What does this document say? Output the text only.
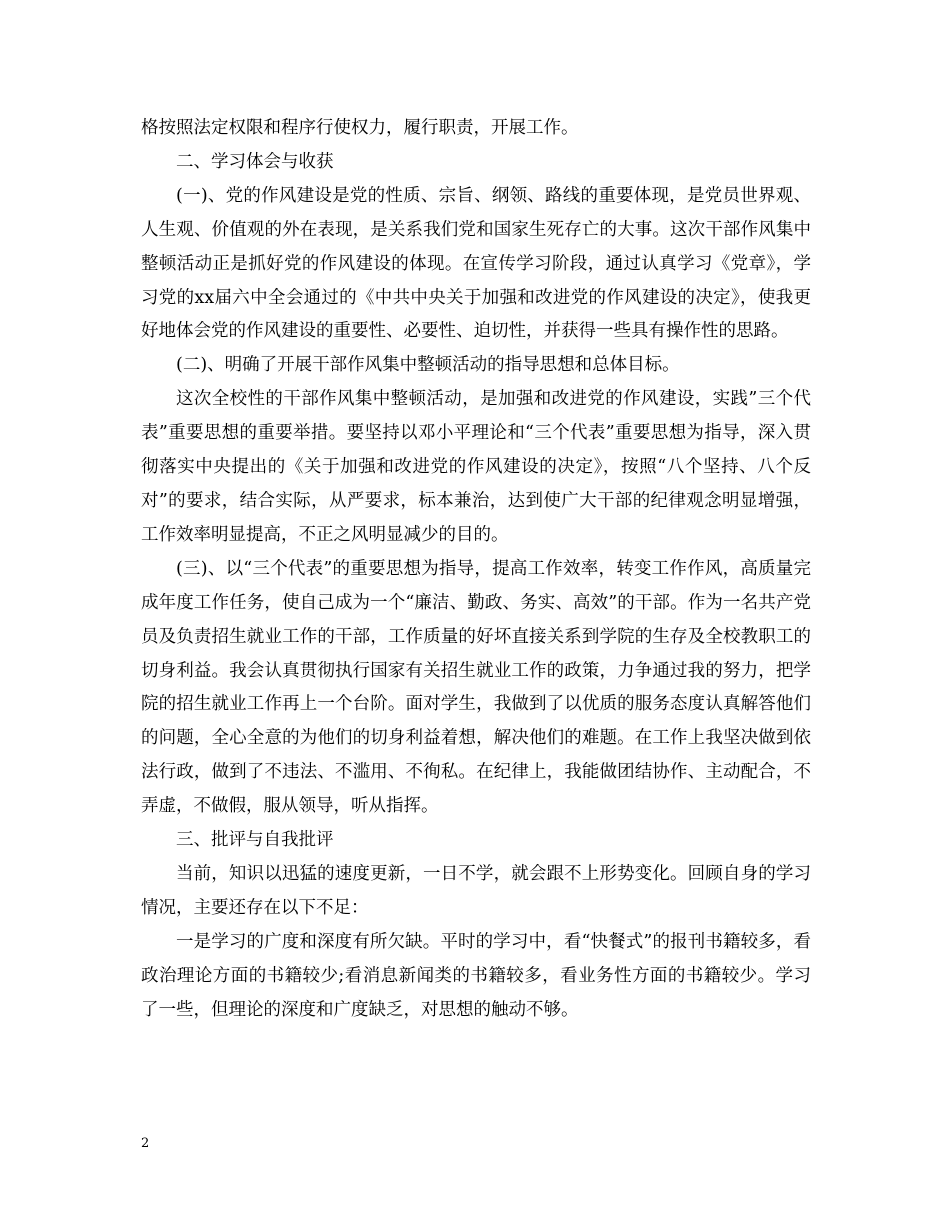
格按照法定权限和程序行使权力，履行职责，开展工作。

二、学习体会与收获

(一)、党的作风建设是党的性质、宗旨、纲领、路线的重要体现，是党员世界观、人生观、价值观的外在表现，是关系我们党和国家生死存亡的大事。这次干部作风集中整顿活动正是抓好党的作风建设的体现。在宣传学习阶段，通过认真学习《党章》，学习党的xx届六中全会通过的《中共中央关于加强和改进党的作风建设的决定》，使我更好地体会党的作风建设的重要性、必要性、迫切性，并获得一些具有操作性的思路。

(二)、明确了开展干部作风集中整顿活动的指导思想和总体目标。

这次全校性的干部作风集中整顿活动，是加强和改进党的作风建设，实践”三个代表”重要思想的重要举措。要坚持以邓小平理论和“三个代表”重要思想为指导，深入贯彻落实中央提出的《关于加强和改进党的作风建设的决定》，按照“八个坚持、八个反对”的要求，结合实际，从严要求，标本兼治，达到使广大干部的纪律观念明显增强，工作效率明显提高，不正之风明显减少的目的。

(三)、以“三个代表”的重要思想为指导，提高工作效率，转变工作作风，高质量完成年度工作任务，使自己成为一个“廉洁、勤政、务实、高效”的干部。作为一名共产党员及负责招生就业工作的干部，工作质量的好坏直接关系到学院的生存及全校教职工的切身利益。我会认真贯彻执行国家有关招生就业工作的政策，力争通过我的努力，把学院的招生就业工作再上一个台阶。面对学生，我做到了以优质的服务态度认真解答他们的问题，全心全意的为他们的切身利益着想，解决他们的难题。在工作上我坚决做到依法行政，做到了不违法、不滥用、不徇私。在纪律上，我能做团结协作、主动配合，不弄虚，不做假，服从领导，听从指挥。

三、批评与自我批评

当前，知识以迅猛的速度更新，一日不学，就会跟不上形势变化。回顾自身的学习情况，主要还存在以下不足：

一是学习的广度和深度有所欠缺。平时的学习中，看“快餐式”的报刊书籍较多，看政治理论方面的书籍较少;看消息新闻类的书籍较多，看业务性方面的书籍较少。学习了一些，但理论的深度和广度缺乏，对思想的触动不够。

2
